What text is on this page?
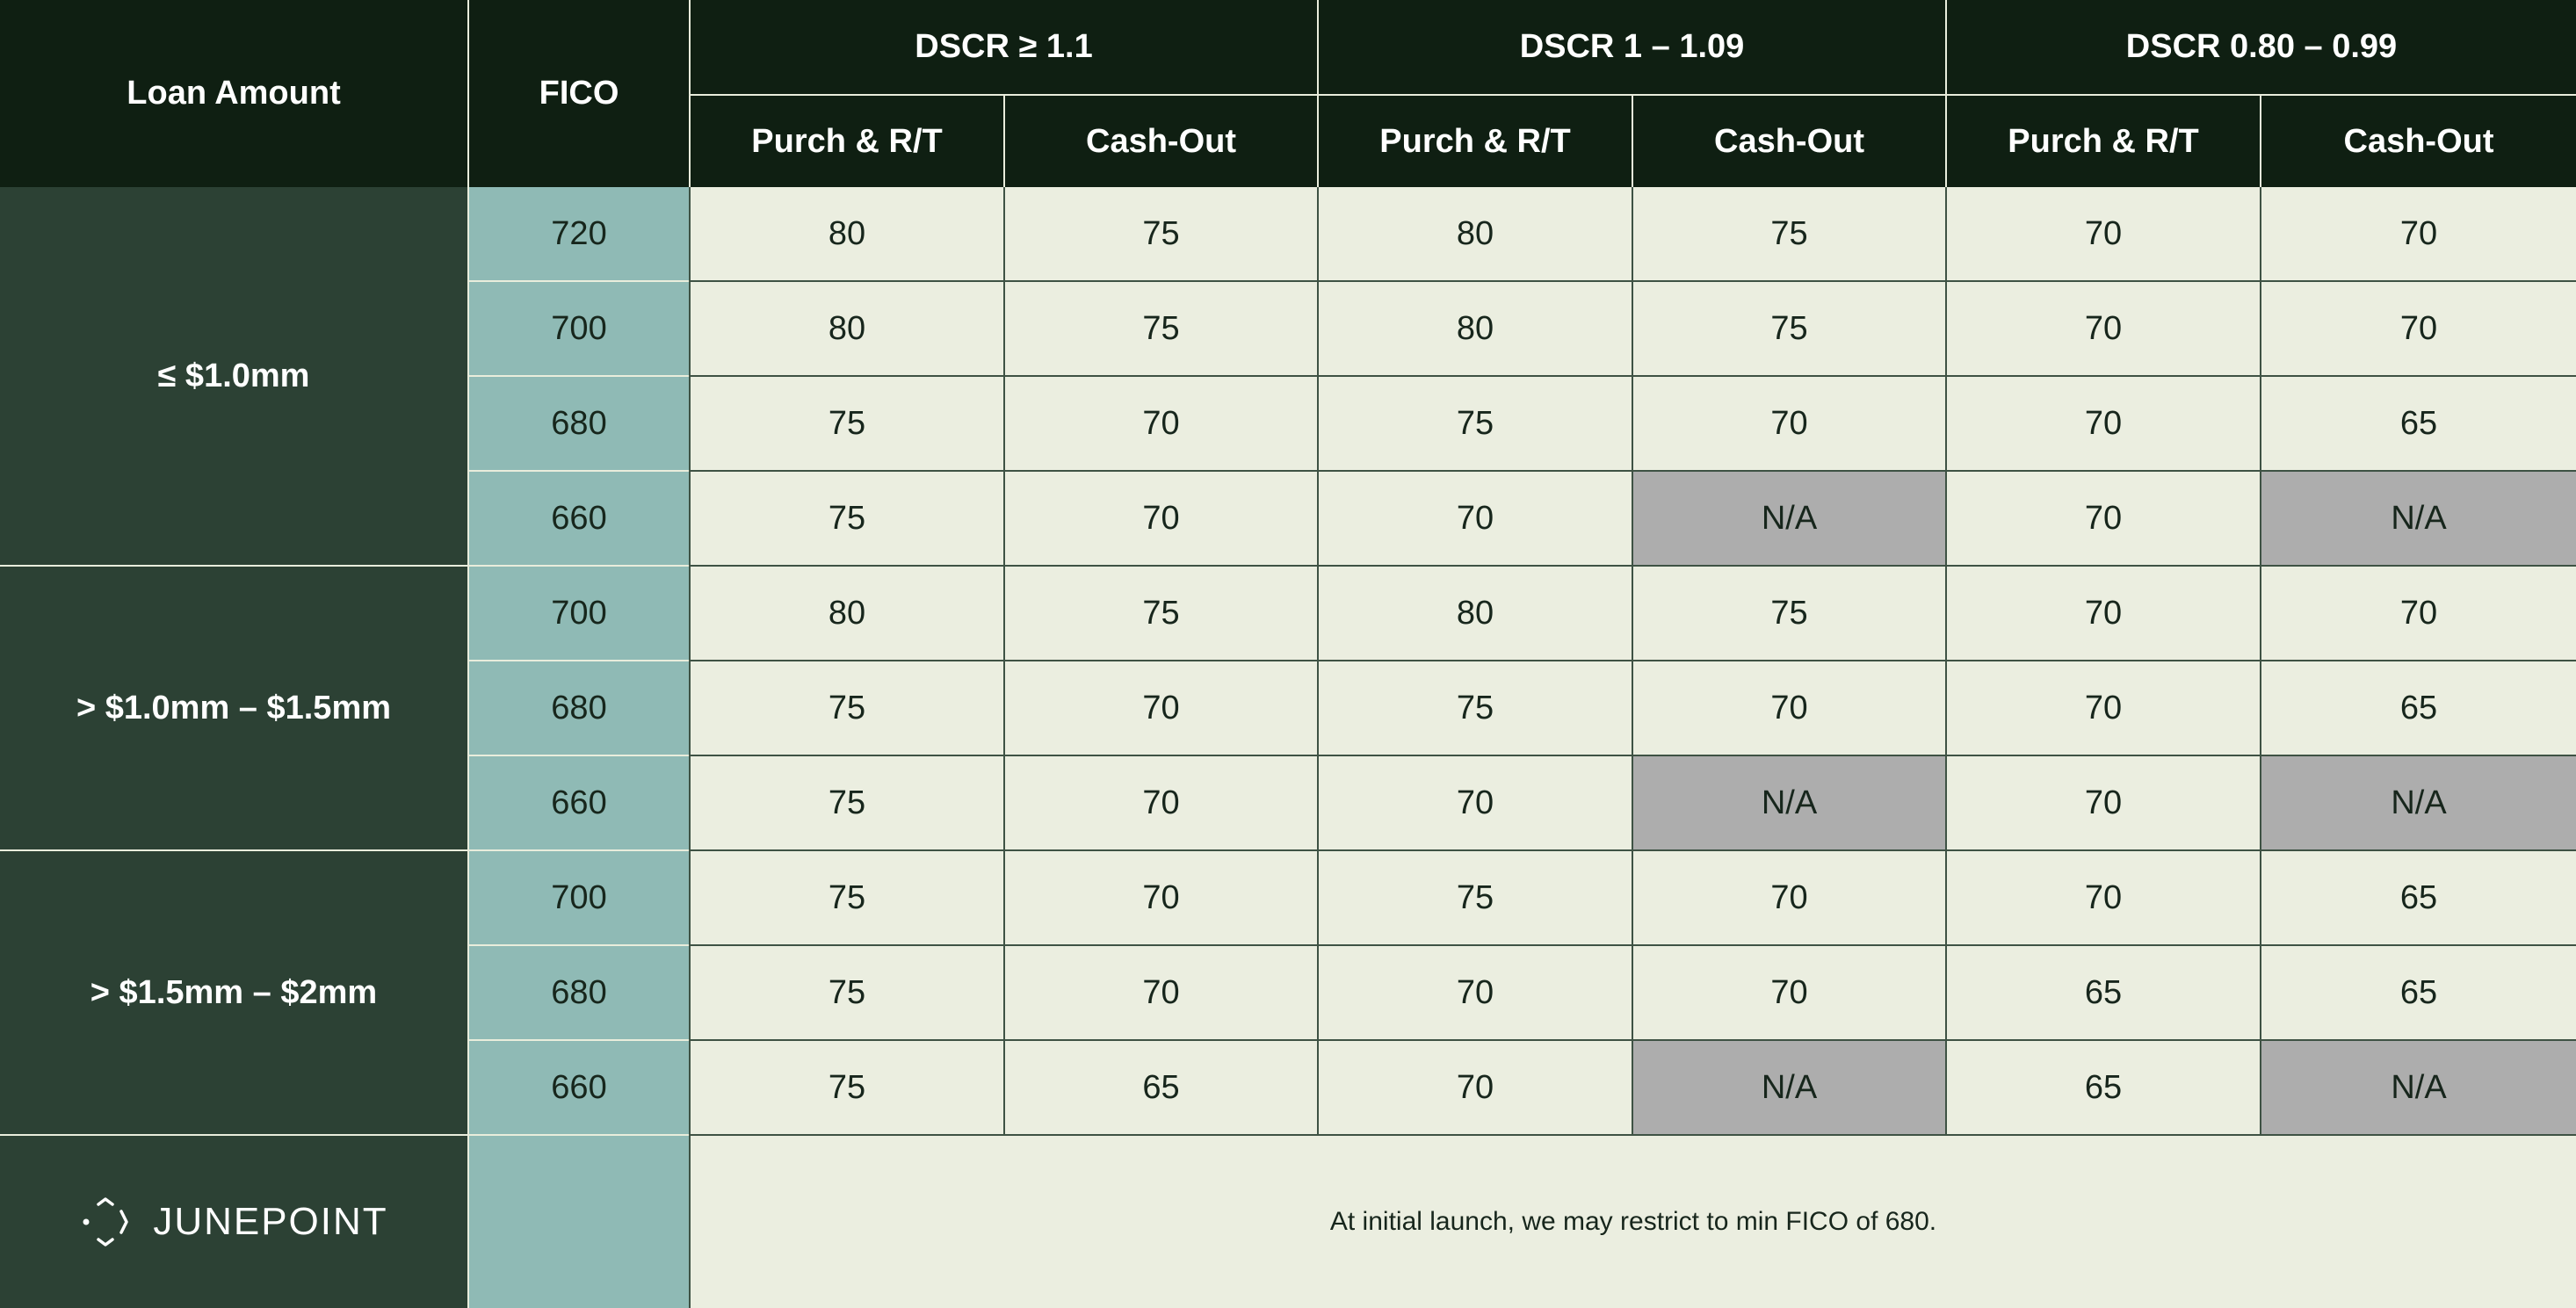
Loan Amount	FICO
DSCR ≥ 1.1	DSCR 1 – 1.09	DSCR 0.80 – 0.99
Purch & R/T	Cash-Out	Purch & R/T	Cash-Out	Purch & R/T	Cash-Out
JUNEPOINT	At initial launch, we may restrict to min FICO of 680.
≤ $1.0mm
720	80	75	80	75	70	70
700	80	75	80	75	70	70
680	75	70	75	70	70	65
660	75	70	70	N/A	70	N/A
> $1.0mm – $1.5mm
700	80	75	80	75	70	70
680	75	70	75	70	70	65
660	75	70	70	N/A	70	N/A
> $1.5mm – $2mm
700	75	70	75	70	70	65
680	75	70	70	70	65	65
660	75	65	70	N/A	65	N/A
